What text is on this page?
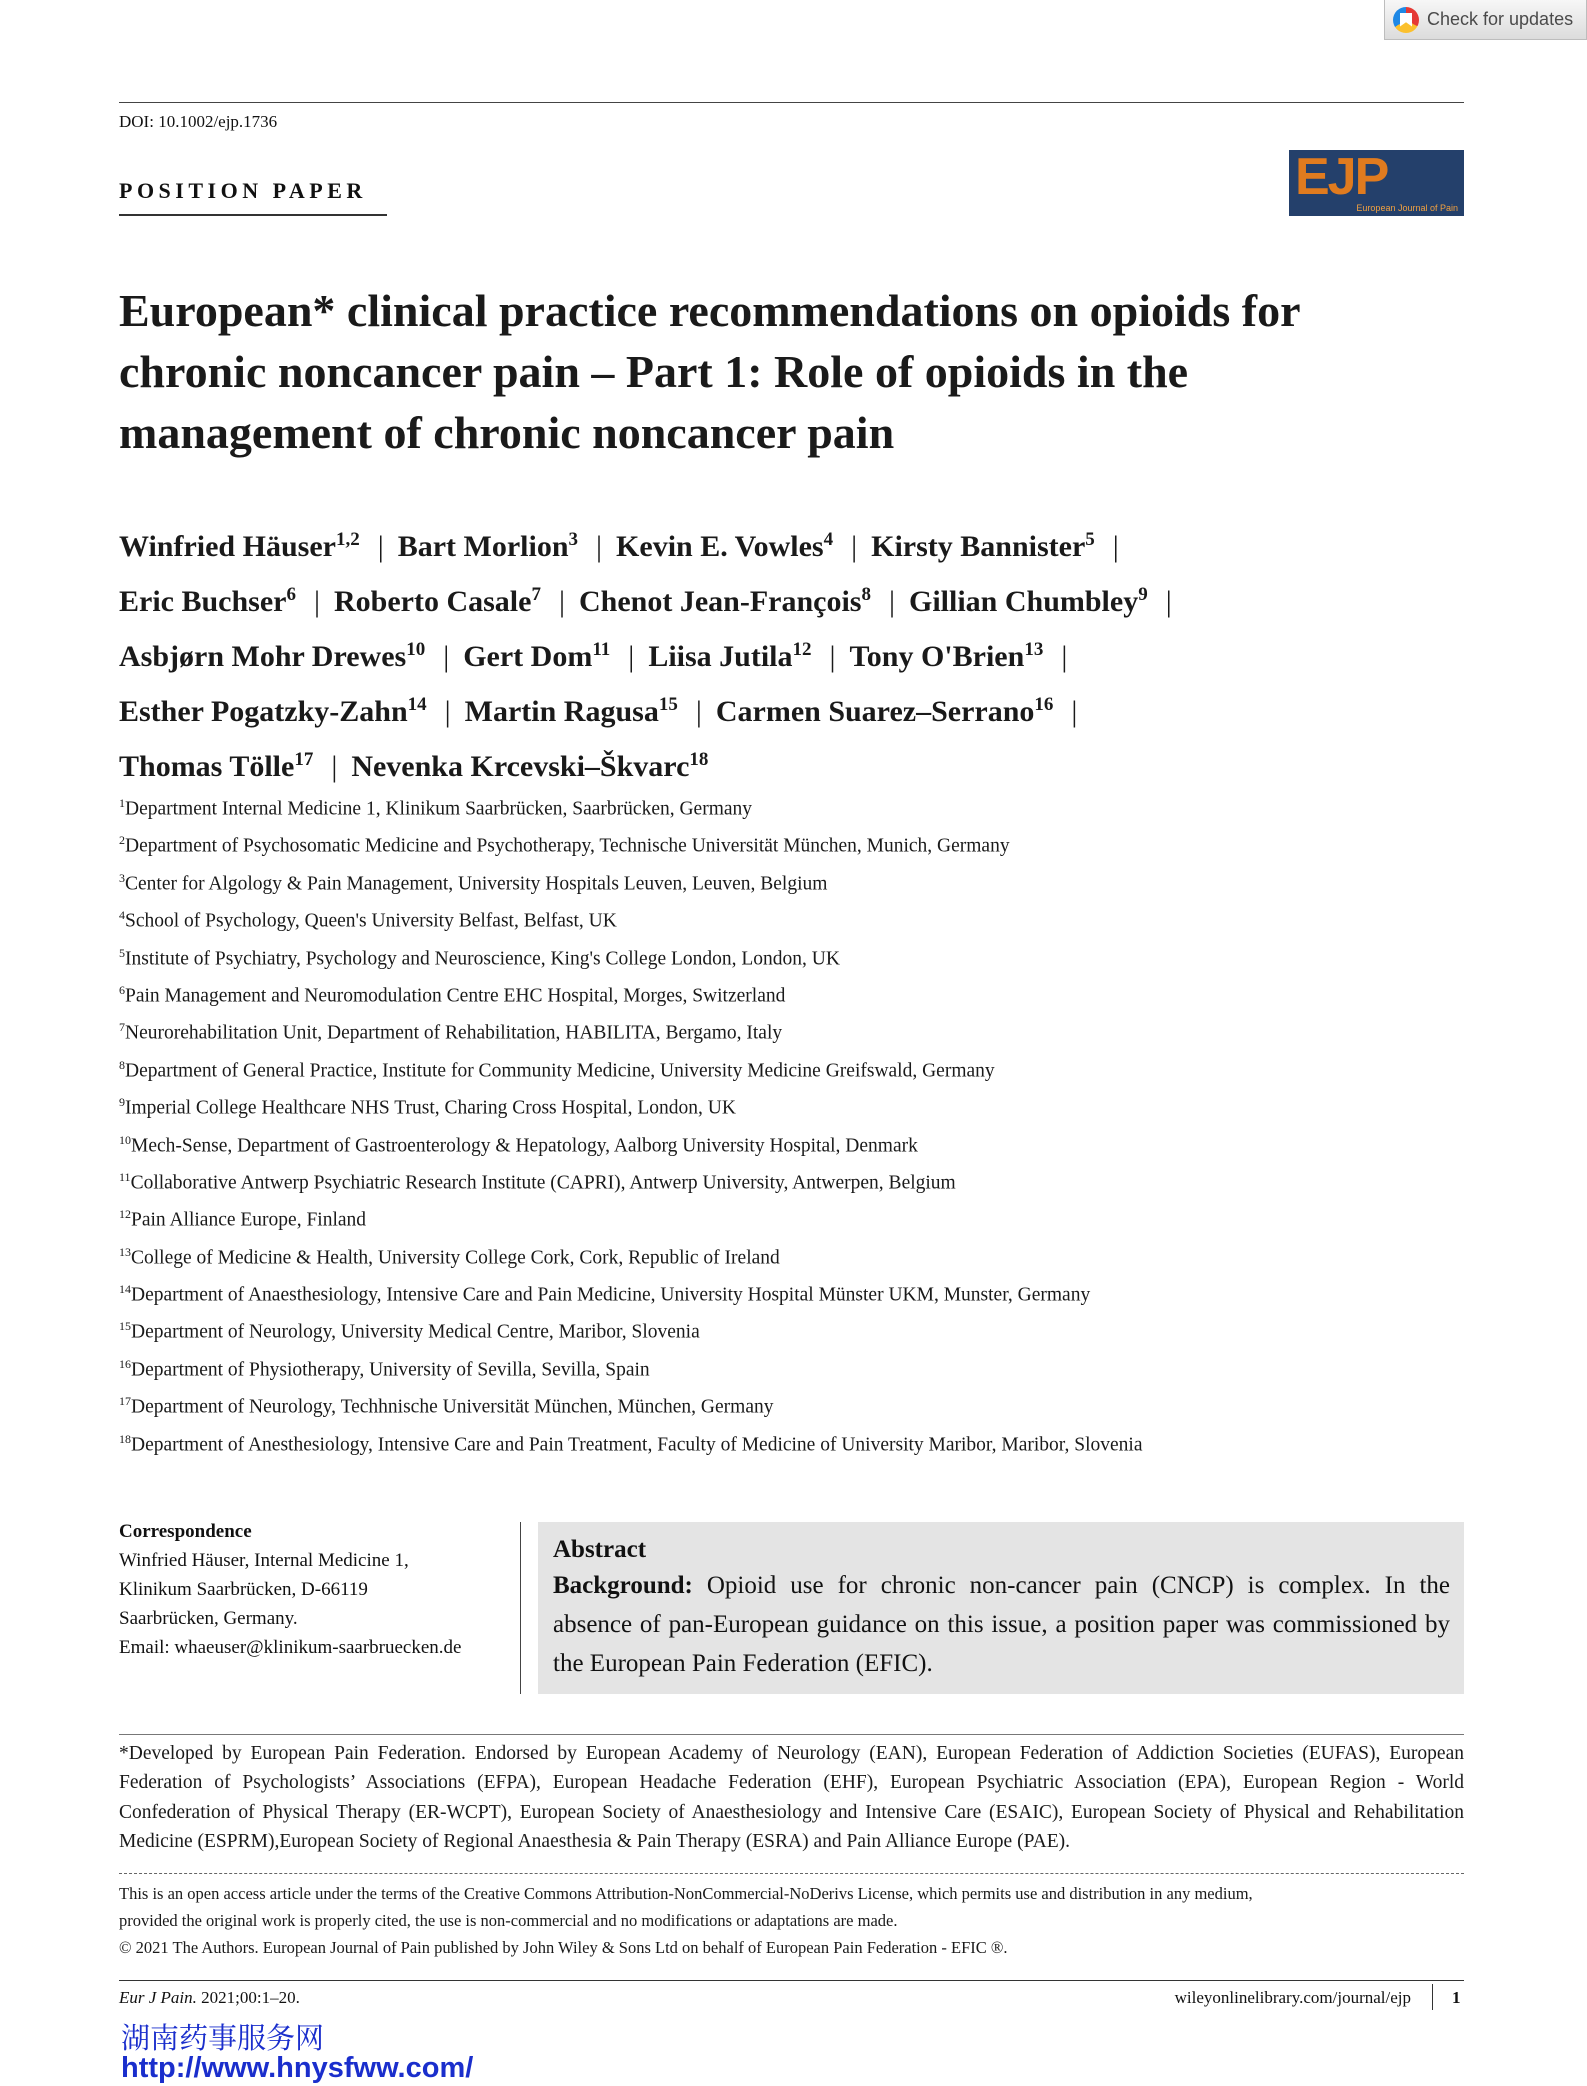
Check for updates
DOI: 10.1002/ejp.1736
POSITION PAPER	EJP
European Journal of Pain
European* clinical practice recommendations on opioids for chronic noncancer pain – Part 1: Role of opioids in the management of chronic noncancer pain
Winfried Häuser$^{1,2}$ | Bart Morlion$^3$ | Kevin E. Vowles$^4$ | Kirsty Bannister$^5$ |
Eric Buchser$^6$ | Roberto Casale$^7$ | Chenot Jean-François$^8$ | Gillian Chumbley$^9$ |
Asbjørn Mohr Drewes$^{10}$ | Gert Dom$^{11}$ | Liisa Jutila$^{12}$ | Tony O'Brien$^{13}$ |
Esther Pogatzky-Zahn$^{14}$ | Martin Ragusa$^{15}$ | Carmen Suarez–Serrano$^{16}$ |
Thomas Tölle$^{17}$ | Nevenka Krcevski–Škvarc$^{18}$
$^1$Department Internal Medicine 1, Klinikum Saarbrücken, Saarbrücken, Germany
$^2$Department of Psychosomatic Medicine and Psychotherapy, Technische Universität München, Munich, Germany
$^3$Center for Algology & Pain Management, University Hospitals Leuven, Leuven, Belgium
$^4$School of Psychology, Queen's University Belfast, Belfast, UK
$^5$Institute of Psychiatry, Psychology and Neuroscience, King's College London, London, UK
$^6$Pain Management and Neuromodulation Centre EHC Hospital, Morges, Switzerland
$^7$Neurorehabilitation Unit, Department of Rehabilitation, HABILITA, Bergamo, Italy
$^8$Department of General Practice, Institute for Community Medicine, University Medicine Greifswald, Germany
$^9$Imperial College Healthcare NHS Trust, Charing Cross Hospital, London, UK
$^{10}$Mech-Sense, Department of Gastroenterology & Hepatology, Aalborg University Hospital, Denmark
$^{11}$Collaborative Antwerp Psychiatric Research Institute (CAPRI), Antwerp University, Antwerpen, Belgium
$^{12}$Pain Alliance Europe, Finland
$^{13}$College of Medicine & Health, University College Cork, Cork, Republic of Ireland
$^{14}$Department of Anaesthesiology, Intensive Care and Pain Medicine, University Hospital Münster UKM, Munster, Germany
$^{15}$Department of Neurology, University Medical Centre, Maribor, Slovenia
$^{16}$Department of Physiotherapy, University of Sevilla, Sevilla, Spain
$^{17}$Department of Neurology, Techhnische Universität München, München, Germany
$^{18}$Department of Anesthesiology, Intensive Care and Pain Treatment, Faculty of Medicine of University Maribor, Maribor, Slovenia
Correspondence
Winfried Häuser, Internal Medicine 1,
Klinikum Saarbrücken, D-66119
Saarbrücken, Germany.
Email: whaeuser@klinikum-saarbruecken.de
Abstract
Background: Opioid use for chronic non-cancer pain (CNCP) is complex. In the absence of pan-European guidance on this issue, a position paper was commissioned by the European Pain Federation (EFIC).
*Developed by European Pain Federation. Endorsed by European Academy of Neurology (EAN), European Federation of Addiction Societies (EUFAS), European Federation of Psychologists’ Associations (EFPA), European Headache Federation (EHF), European Psychiatric Association (EPA), European Region - World Confederation of Physical Therapy (ER-WCPT), European Society of Anaesthesiology and Intensive Care (ESAIC), European Society of Physical and Rehabilitation Medicine (ESPRM),European Society of Regional Anaesthesia & Pain Therapy (ESRA) and Pain Alliance Europe (PAE).
This is an open access article under the terms of the Creative Commons Attribution-NonCommercial-NoDerivs License, which permits use and distribution in any medium,
provided the original work is properly cited, the use is non-commercial and no modifications or adaptations are made.
© 2021 The Authors. European Journal of Pain published by John Wiley & Sons Ltd on behalf of European Pain Federation - EFIC ®.
Eur J Pain. 2021;00:1–20.	wileyonlinelibrary.com/journal/ejp 1
湖南药事服务网
http://www.hnysfww.com/
